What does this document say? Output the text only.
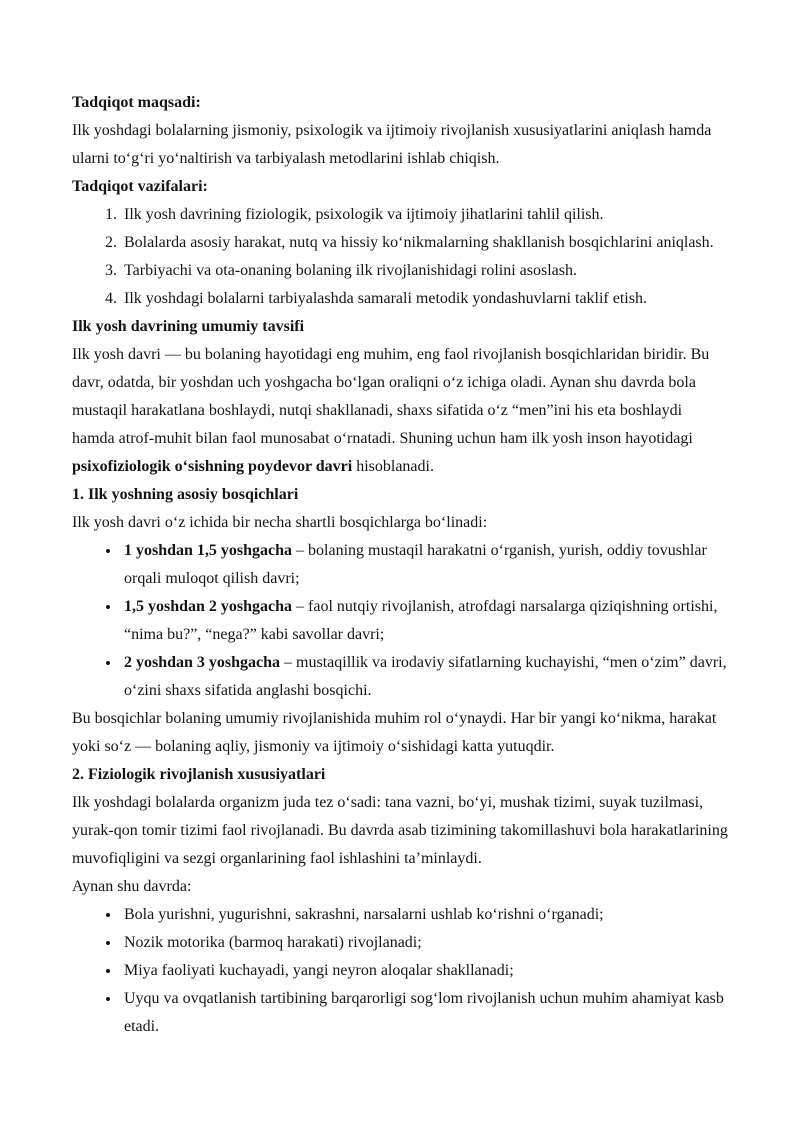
Tadqiqot maqsadi:

Ilk yoshdagi bolalarning jismoniy, psixologik va ijtimoiy rivojlanish xususiyatlarini aniqlash hamda ularni to‘g‘ri yo‘naltirish va tarbiyalash metodlarini ishlab chiqish.

Tadqiqot vazifalari:

1. Ilk yosh davrining fiziologik, psixologik va ijtimoiy jihatlarini tahlil qilish.
2. Bolalarda asosiy harakat, nutq va hissiy ko‘nikmalarning shakllanish bosqichlarini aniqlash.
3. Tarbiyachi va ota-onaning bolaning ilk rivojlanishidagi rolini asoslash.
4. Ilk yoshdagi bolalarni tarbiyalashda samarali metodik yondashuvlarni taklif etish.

Ilk yosh davrining umumiy tavsifi

Ilk yosh davri — bu bolaning hayotidagi eng muhim, eng faol rivojlanish bosqichlaridan biridir. Bu davr, odatda, bir yoshdan uch yoshgacha bo‘lgan oraliqni o‘z ichiga oladi. Aynan shu davrda bola mustaqil harakatlana boshlaydi, nutqi shakllanadi, shaxs sifatida o‘z “men”ini his eta boshlaydi hamda atrof-muhit bilan faol munosabat o‘rnatadi. Shuning uchun ham ilk yosh inson hayotidagi psixofiziologik o‘sishning poydevor davri hisoblanadi.

1. Ilk yoshning asosiy bosqichlari

Ilk yosh davri o‘z ichida bir necha shartli bosqichlarga bo‘linadi:

• 1 yoshdan 1,5 yoshgacha – bolaning mustaqil harakatni o‘rganish, yurish, oddiy tovushlar orqali muloqot qilish davri;
• 1,5 yoshdan 2 yoshgacha – faol nutqiy rivojlanish, atrofdagi narsalarga qiziqishning ortishi, “nima bu?”, “nega?” kabi savollar davri;
• 2 yoshdan 3 yoshgacha – mustaqillik va irodaviy sifatlarning kuchayishi, “men o‘zim” davri, o‘zini shaxs sifatida anglashi bosqichi.

Bu bosqichlar bolaning umumiy rivojlanishida muhim rol o‘ynaydi. Har bir yangi ko‘nikma, harakat yoki so‘z — bolaning aqliy, jismoniy va ijtimoiy o‘sishidagi katta yutuqdir.

2. Fiziologik rivojlanish xususiyatlari

Ilk yoshdagi bolalarda organizm juda tez o‘sadi: tana vazni, bo‘yi, mushak tizimi, suyak tuzilmasi, yurak-qon tomir tizimi faol rivojlanadi. Bu davrda asab tizimining takomillashuvi bola harakatlarining muvofiqligini va sezgi organlarining faol ishlashini ta’minlaydi.

Aynan shu davrda:

• Bola yurishni, yugurishni, sakrashni, narsalarni ushlab ko‘rishni o‘rganadi;
• Nozik motorika (barmoq harakati) rivojlanadi;
• Miya faoliyati kuchayadi, yangi neyron aloqalar shakllanadi;
• Uyqu va ovqatlanish tartibining barqarorligi sog‘lom rivojlanish uchun muhim ahamiyat kasb etadi.
